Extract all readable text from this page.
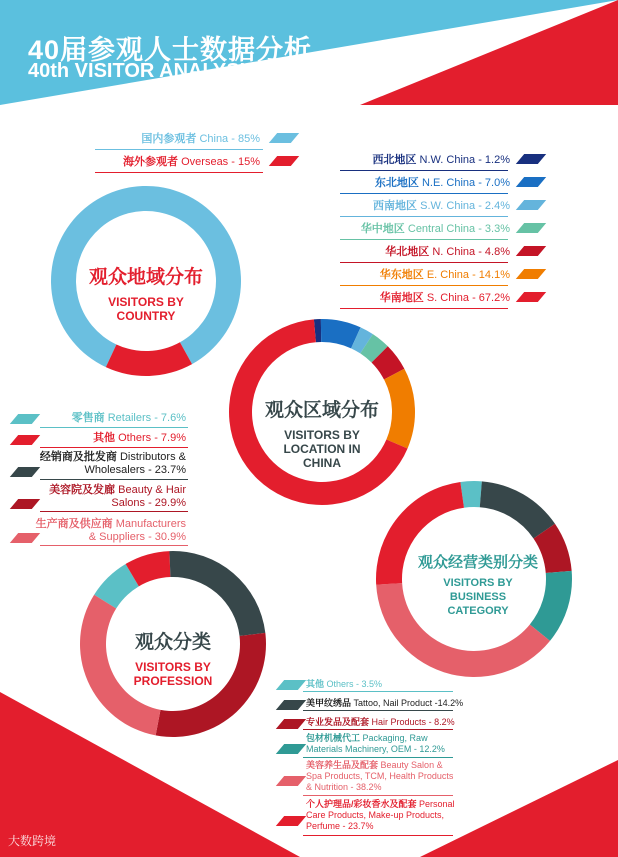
40届参观人士数据分析
40th VISITOR ANALYSIS
观众地域分布
VISITORS BY COUNTRY
观众区域分布
VISITORS BY LOCATION IN CHINA
观众分类
VISITORS BY PROFESSION
观众经营类别分类
VISITORS BY BUSINESS CATEGORY
国内参观者 China - 85%
海外参观者 Overseas - 15%	西北地区 N.W. China - 1.2%
东北地区 N.E. China - 7.0%
西南地区 S.W. China - 2.4%
华中地区 Central China - 3.3%
华北地区 N. China - 4.8%
华东地区 E. China - 14.1%
华南地区 S. China - 67.2%
零售商 Retailers - 7.6%
其他 Others - 7.9%
经销商及批发商 Distributors & Wholesalers - 23.7%
美容院及发廊 Beauty & Hair Salons - 29.9%
生产商及供应商 Manufacturers & Suppliers - 30.9%
其他 Others - 3.5%
美甲纹绣品 Tattoo, Nail Product -14.2%
专业发品及配套 Hair Products - 8.2%
包材机械代工 Packaging, Raw Materials Machinery, OEM - 12.2%
美容养生品及配套 Beauty Salon & Spa Products, TCM, Health Products & Nutrition - 38.2%
个人护理品/彩妆香水及配套 Personal Care Products, Make-up Products, Perfume - 23.7%
大数跨境
